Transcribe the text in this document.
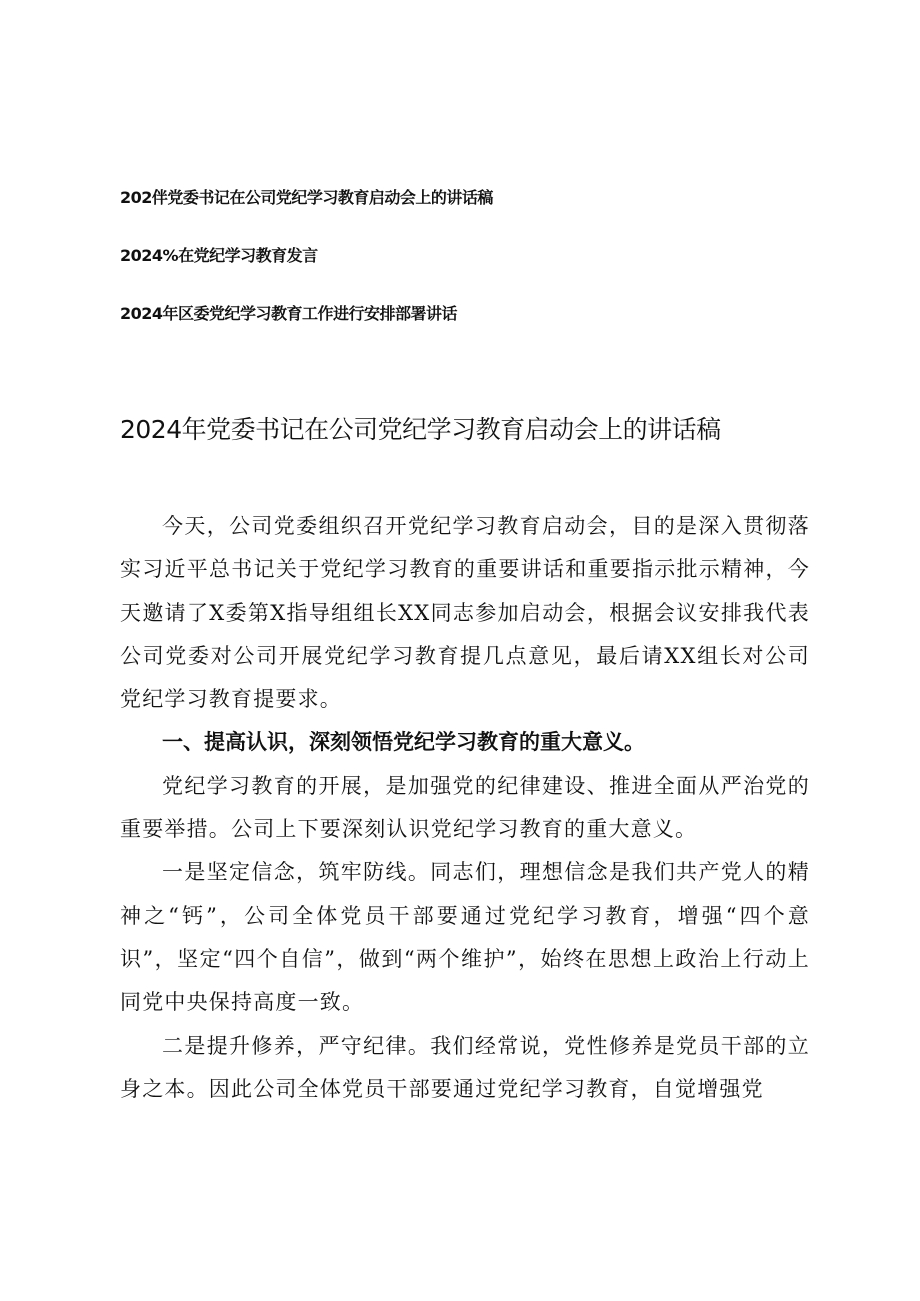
202伴党委书记在公司党纪学习教育启动会上的讲话稿
2024%在党纪学习教育发言
2024年区委党纪学习教育工作进行安排部署讲话
2024年党委书记在公司党纪学习教育启动会上的讲话稿

今天，公司党委组织召开党纪学习教育启动会，目的是深入贯彻落实习近平总书记关于党纪学习教育的重要讲话和重要指示批示精神，今天邀请了X委第X指导组组长XX同志参加启动会，根据会议安排我代表公司党委对公司开展党纪学习教育提几点意见，最后请XX组长对公司党纪学习教育提要求。

一、提高认识，深刻领悟党纪学习教育的重大意义。

党纪学习教育的开展，是加强党的纪律建设、推进全面从严治党的重要举措。公司上下要深刻认识党纪学习教育的重大意义。

一是坚定信念，筑牢防线。同志们，理想信念是我们共产党人的精神之“钙”，公司全体党员干部要通过党纪学习教育，增强“四个意识”，坚定“四个自信”，做到“两个维护”，始终在思想上政治上行动上同党中央保持高度一致。

二是提升修养，严守纪律。我们经常说，党性修养是党员干部的立身之本。因此公司全体党员干部要通过党纪学习教育，自觉增强党
